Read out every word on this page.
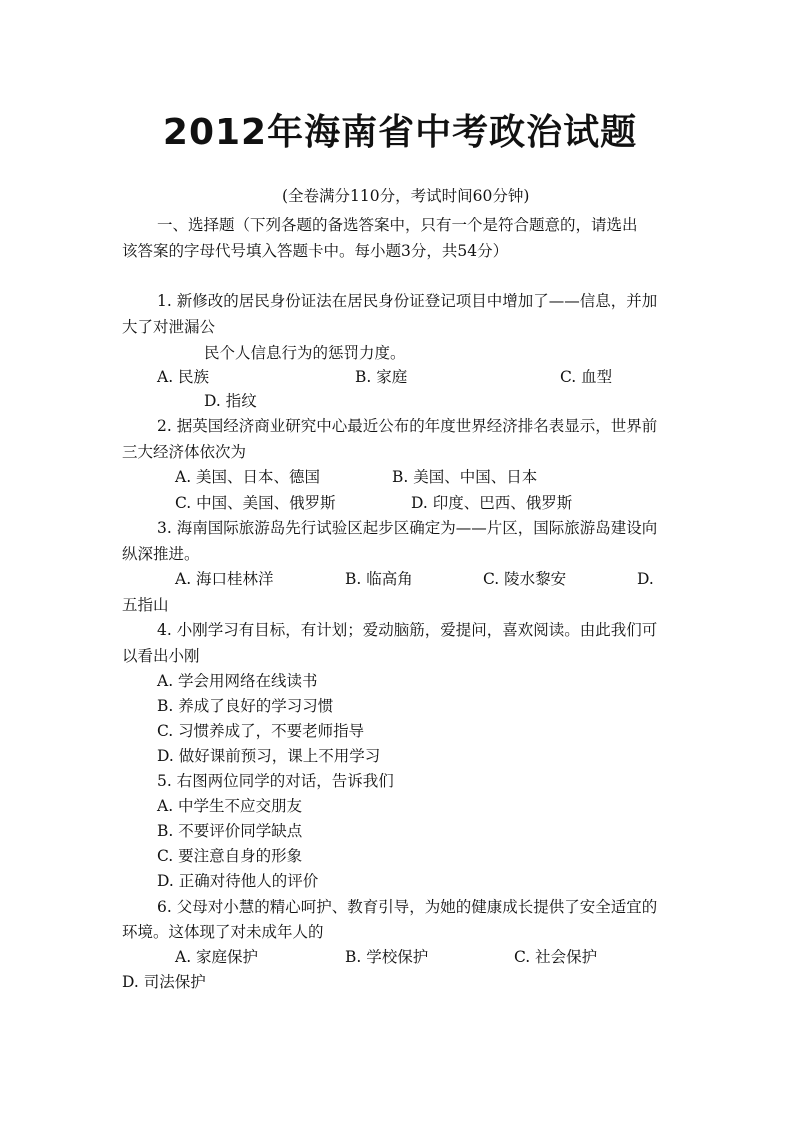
2012年海南省中考政治试题
(全卷满分110分，考试时间60分钟)
一、选择题（下列各题的备选答案中，只有一个是符合题意的，请选出
该答案的字母代号填入答题卡中。每小题3分，共54分）
1. 新修改的居民身份证法在居民身份证登记项目中增加了——信息，并加
大了对泄漏公
民个人信息行为的惩罚力度。
A. 民族	B. 家庭	C. 血型
D. 指纹
2. 据英国经济商业研究中心最近公布的年度世界经济排名表显示，世界前
三大经济体依次为
A. 美国、日本、德国	B. 美国、中国、日本
C. 中国、美国、俄罗斯	D. 印度、巴西、俄罗斯
3. 海南国际旅游岛先行试验区起步区确定为——片区，国际旅游岛建设向
纵深推进。
A. 海口桂林洋	B. 临高角	C. 陵水黎安	D.
五指山
4. 小刚学习有目标，有计划；爱动脑筋，爱提问，喜欢阅读。由此我们可
以看出小刚
A. 学会用网络在线读书
B. 养成了良好的学习习惯
C. 习惯养成了，不要老师指导
D. 做好课前预习，课上不用学习
5. 右图两位同学的对话，告诉我们
A. 中学生不应交朋友
B. 不要评价同学缺点
C. 要注意自身的形象
D. 正确对待他人的评价
6. 父母对小慧的精心呵护、教育引导，为她的健康成长提供了安全适宜的
环境。这体现了对未成年人的
A. 家庭保护	B. 学校保护	C. 社会保护
D. 司法保护
